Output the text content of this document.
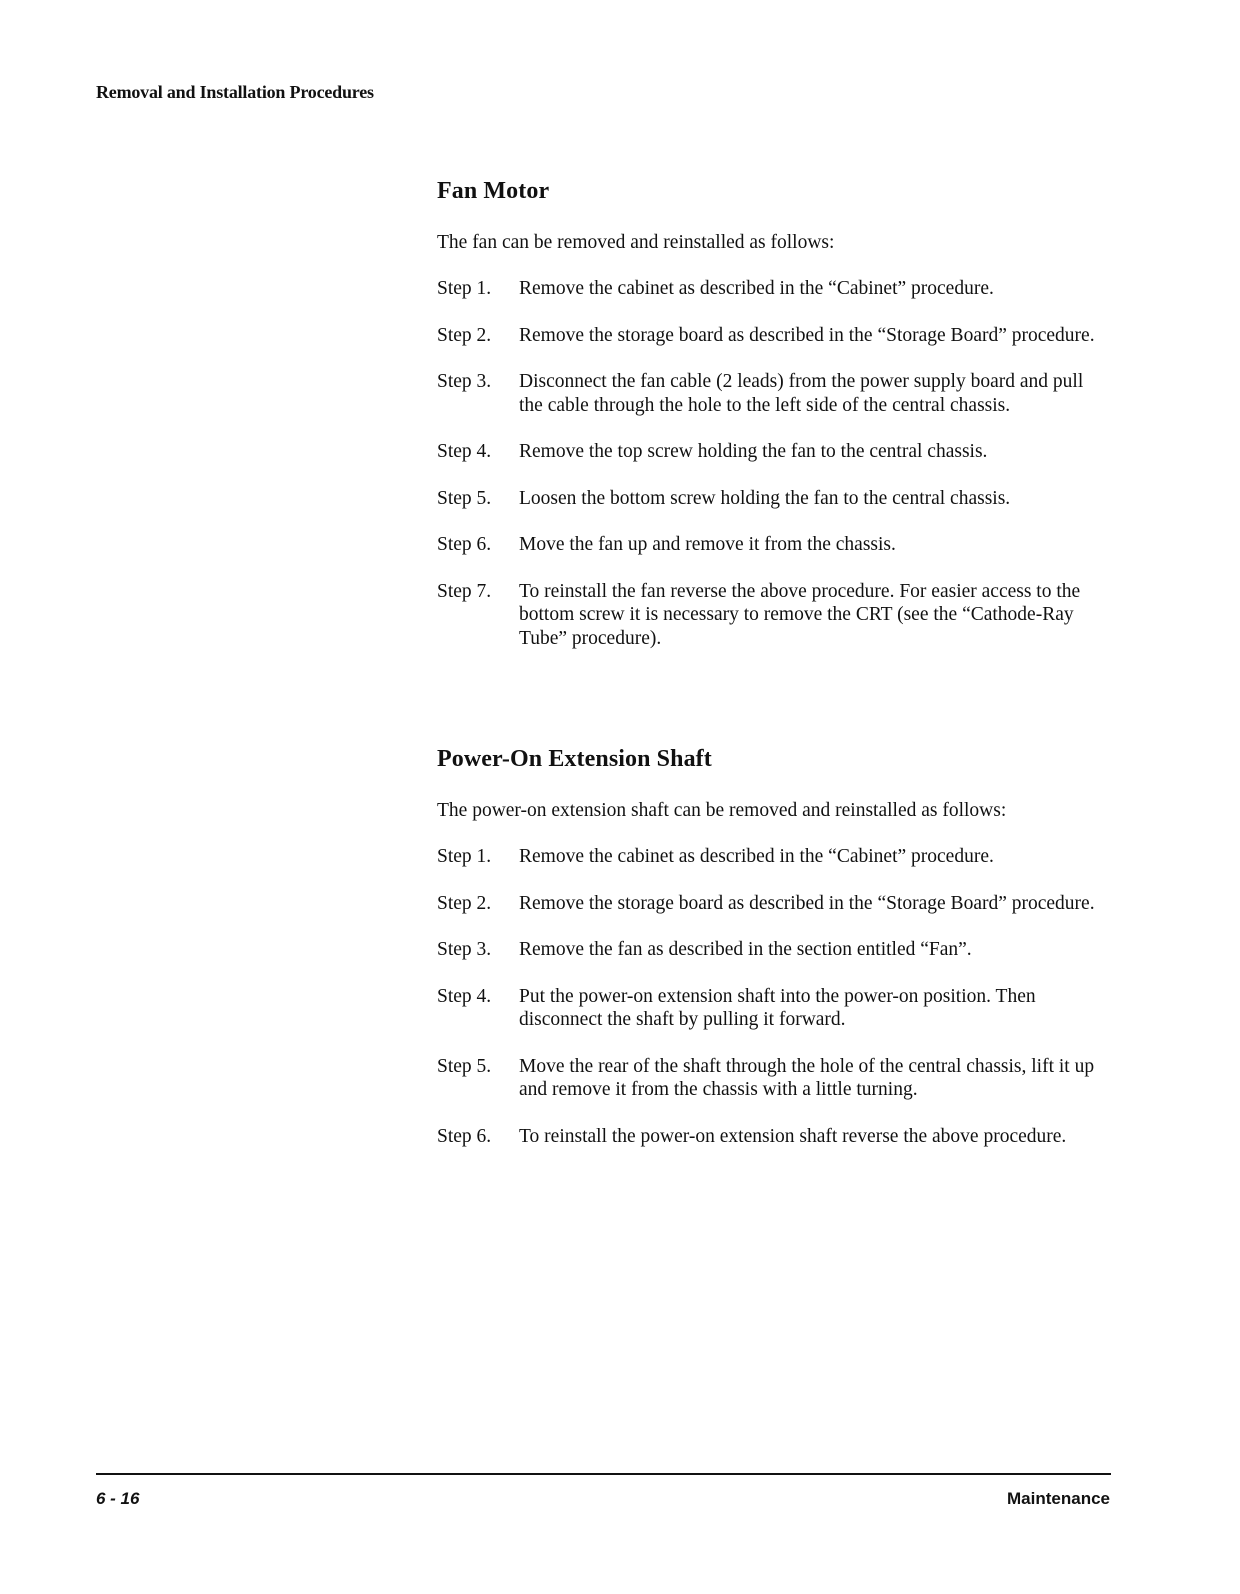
Removal and Installation Procedures
Fan Motor

The fan can be removed and reinstalled as follows:

Step 1.	Remove the cabinet as described in the “Cabinet” procedure.
Step 2.	Remove the storage board as described in the “Storage Board” procedure.
Step 3.	Disconnect the fan cable (2 leads) from the power supply board and pull the cable through the hole to the left side of the central chassis.
Step 4.	Remove the top screw holding the fan to the central chassis.
Step 5.	Loosen the bottom screw holding the fan to the central chassis.
Step 6.	Move the fan up and remove it from the chassis.
Step 7.	To reinstall the fan reverse the above procedure. For easier access to the bottom screw it is necessary to remove the CRT (see the “Cathode-Ray Tube” procedure).
Power-On Extension Shaft

The power-on extension shaft can be removed and reinstalled as follows:

Step 1.	Remove the cabinet as described in the “Cabinet” procedure.
Step 2.	Remove the storage board as described in the “Storage Board” procedure.
Step 3.	Remove the fan as described in the section entitled “Fan”.
Step 4.	Put the power-on extension shaft into the power-on position. Then disconnect the shaft by pulling it forward.
Step 5.	Move the rear of the shaft through the hole of the central chassis, lift it up and remove it from the chassis with a little turning.
Step 6.	To reinstall the power-on extension shaft reverse the above procedure.
6 - 16	Maintenance
